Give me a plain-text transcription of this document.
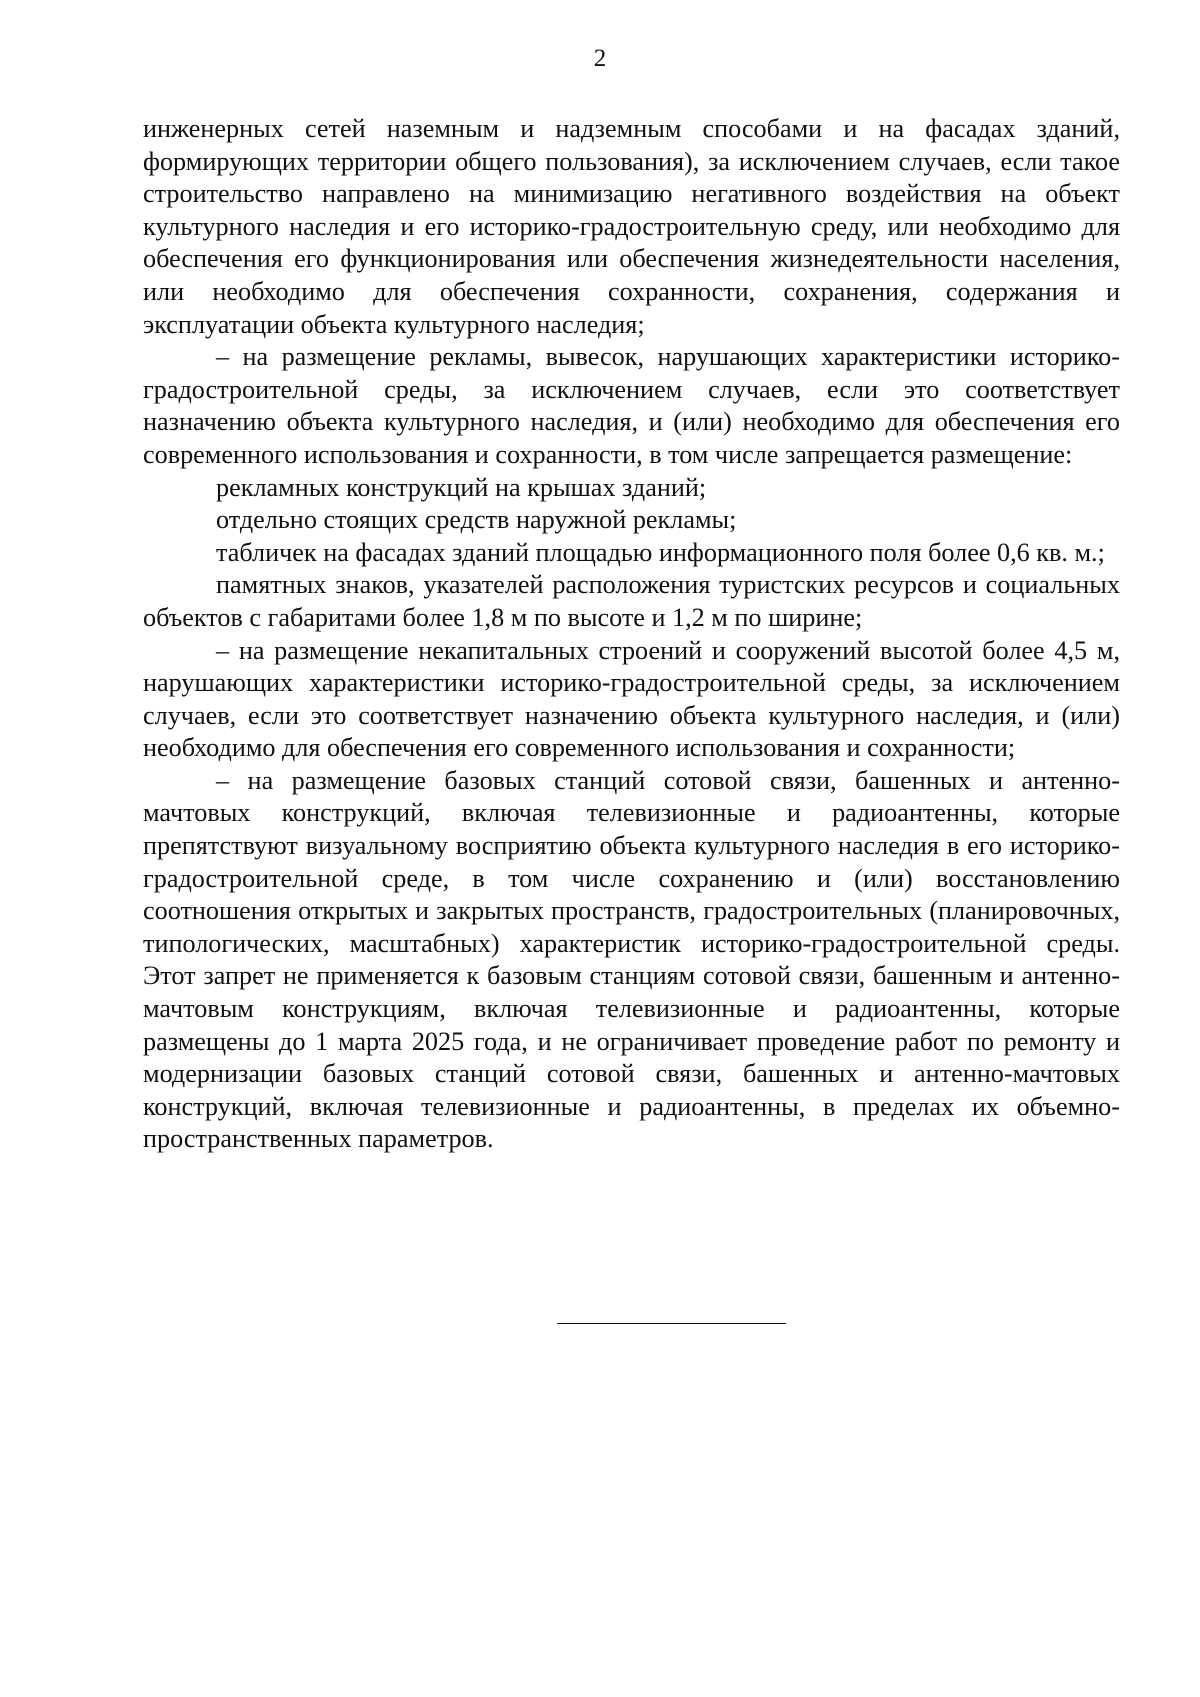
2

инженерных сетей наземным и надземным способами и на фасадах зданий, формирующих территории общего пользования), за исключением случаев, если такое строительство направлено на минимизацию негативного воздействия на объект культурного наследия и его историко-градостроительную среду, или необходимо для обеспечения его функционирования или обеспечения жизнедеятельности населения, или необходимо для обеспечения сохранности, сохранения, содержания и эксплуатации объекта культурного наследия;

– на размещение рекламы, вывесок, нарушающих характеристики историко-градостроительной среды, за исключением случаев, если это соответствует назначению объекта культурного наследия, и (или) необходимо для обеспечения его современного использования и сохранности, в том числе запрещается размещение:

рекламных конструкций на крышах зданий;

отдельно стоящих средств наружной рекламы;

табличек на фасадах зданий площадью информационного поля более 0,6 кв. м.;

памятных знаков, указателей расположения туристских ресурсов и социальных объектов с габаритами более 1,8 м по высоте и 1,2 м по ширине;

– на размещение некапитальных строений и сооружений высотой более 4,5 м, нарушающих характеристики историко-градостроительной среды, за исключением случаев, если это соответствует назначению объекта культурного наследия, и (или) необходимо для обеспечения его современного использования и сохранности;

– на размещение базовых станций сотовой связи, башенных и антенно-мачтовых конструкций, включая телевизионные и радиоантенны, которые препятствуют визуальному восприятию объекта культурного наследия в его историко-градостроительной среде, в том числе сохранению и (или) восстановлению соотношения открытых и закрытых пространств, градостроительных (планировочных, типологических, масштабных) характеристик историко-градостроительной среды. Этот запрет не применяется к базовым станциям сотовой связи, башенным и антенно-мачтовым конструкциям, включая телевизионные и радиоантенны, которые размещены до 1 марта 2025 года, и не ограничивает проведение работ по ремонту и модернизации базовых станций сотовой связи, башенных и антенно-мачтовых конструкций, включая телевизионные и радиоантенны, в пределах их объемно-пространственных параметров.
